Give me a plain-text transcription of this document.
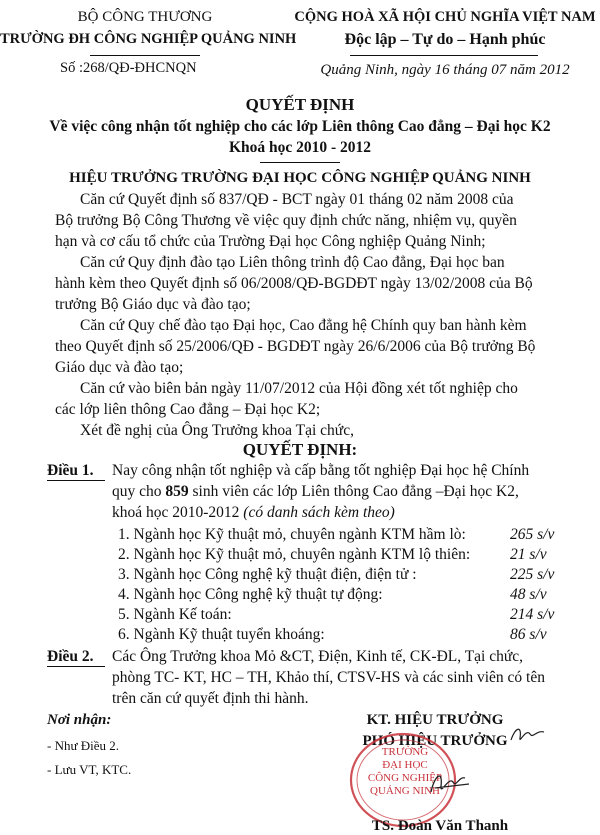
BỘ CÔNG THƯƠNG
TRƯỜNG ĐH CÔNG NGHIỆP QUẢNG NINH
Số :268/QĐ-ĐHCNQN
CỘNG HOÀ XÃ HỘI CHỦ NGHĨA VIỆT NAM
Độc lập – Tự do – Hạnh phúc
Quảng Ninh, ngày 16 tháng 07 năm 2012
QUYẾT ĐỊNH
Về việc công nhận tốt nghiệp cho các lớp Liên thông Cao đẳng – Đại học K2
Khoá học 2010 - 2012
HIỆU TRƯỞNG TRƯỜNG ĐẠI HỌC CÔNG NGHIỆP QUẢNG NINH
Căn cứ Quyết định số 837/QĐ - BCT ngày 01 tháng 02 năm 2008 của
Bộ trưởng Bộ Công Thương về việc quy định chức năng, nhiệm vụ, quyền
hạn và cơ cấu tổ chức của Trường Đại học Công nghiệp Quảng Ninh;
Căn cứ Quy định đào tạo Liên thông trình độ Cao đẳng, Đại học ban
hành kèm theo Quyết định số 06/2008/QĐ-BGDĐT ngày 13/02/2008 của Bộ
trưởng Bộ Giáo dục và đào tạo;
Căn cứ Quy chế đào tạo Đại học, Cao đẳng hệ Chính quy ban hành kèm
theo Quyết định số 25/2006/QĐ - BGDĐT ngày 26/6/2006 của Bộ trưởng Bộ
Giáo dục và đào tạo;
Căn cứ vào biên bản ngày 11/07/2012 của Hội đồng xét tốt nghiệp cho
các lớp liên thông Cao đẳng – Đại học K2;
Xét đề nghị của Ông Trưởng khoa Tại chức,
QUYẾT ĐỊNH:
Điều 1. Nay công nhận tốt nghiệp và cấp bằng tốt nghiệp Đại học hệ Chính
quy cho 859 sinh viên các lớp Liên thông Cao đẳng –Đại học K2,
khoá học 2010-2012 (có danh sách kèm theo)
1. Ngành học Kỹ thuật mỏ, chuyên ngành KTM hầm lò:	265 s/v
2. Ngành học Kỹ thuật mỏ, chuyên ngành KTM lộ thiên:	21 s/v
3. Ngành học Công nghệ kỹ thuật điện, điện tử :	225 s/v
4. Ngành học Công nghệ kỹ thuật tự động:	48 s/v
5. Ngành Kế toán:	214 s/v
6. Ngành Kỹ thuật tuyển khoáng:	86 s/v
Điều 2. Các Ông Trưởng khoa Mỏ &CT, Điện, Kinh tế, CK-ĐL, Tại chức,
phòng TC- KT, HC – TH, Khảo thí, CTSV-HS và các sinh viên có tên
trên căn cứ quyết định thi hành.
Nơi nhận:
- Như Điều 2.
- Lưu VT, KTC.
KT. HIỆU TRƯỞNG
PHÓ HIỆU TRƯỞNG
TRƯỜNG
ĐẠI HỌC
CÔNG NGHIỆP
QUẢNG NINH
TS. Đoàn Văn Thanh
